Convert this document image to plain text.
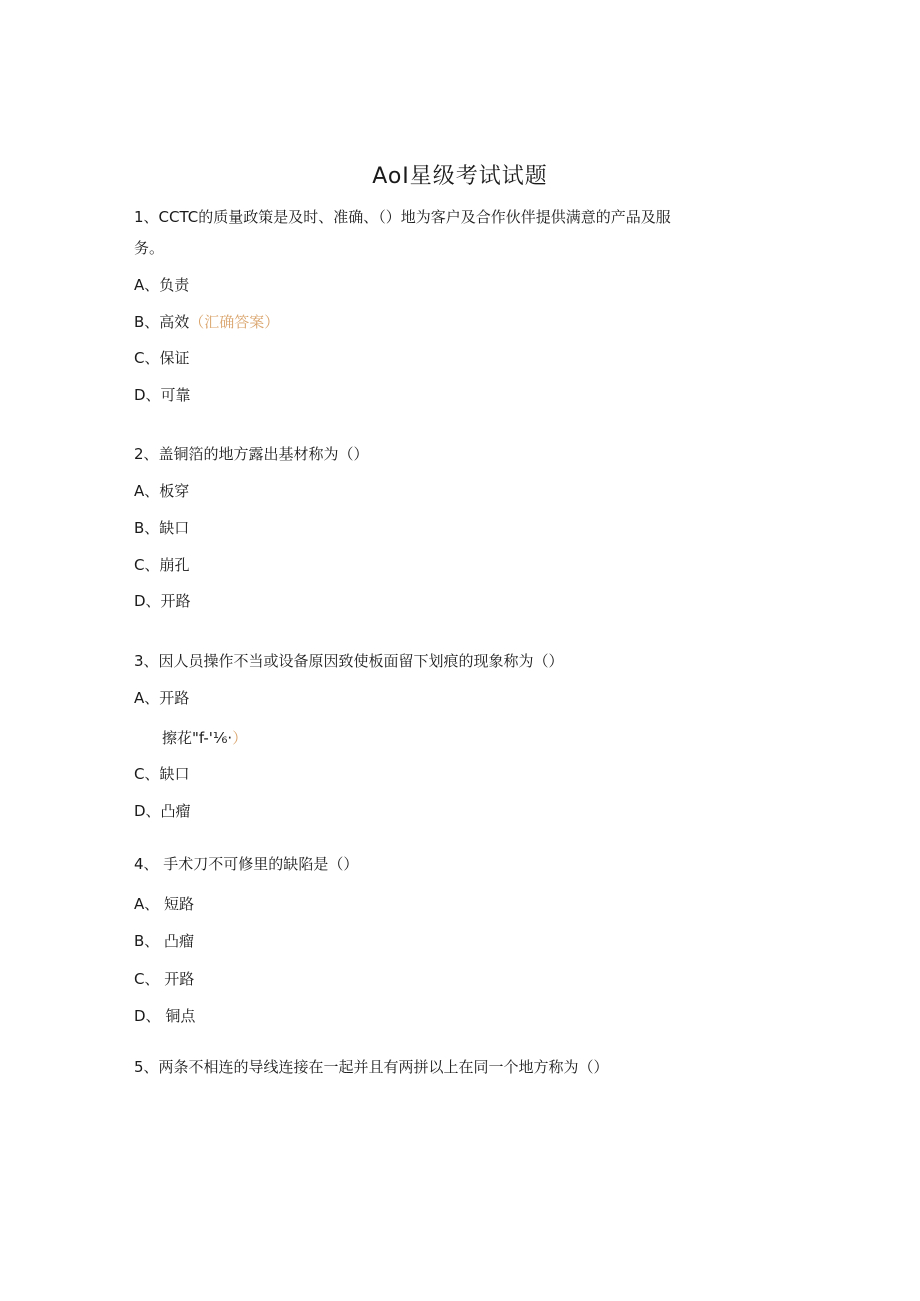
AoI星级考试试题
1、CCTC的质量政策是及时、准确、（）地为客户及合作伙伴提供满意的产品及服
务。
A、负责
B、高效（汇确答案）
C、保证
D、可靠
2、盖铜箔的地方露出基材称为（）
A、板穿
B、缺口
C、崩孔
D、开路
3、因人员操作不当或设备原因致使板面留下划痕的现象称为（）
A、开路
擦花"f-'⅙·）
C、缺口
D、凸瘤
4、 手术刀不可修里的缺陷是（）
A、 短路
B、 凸瘤
C、 开路
D、 铜点
5、两条不相连的导线连接在一起并且有两拼以上在同一个地方称为（）
